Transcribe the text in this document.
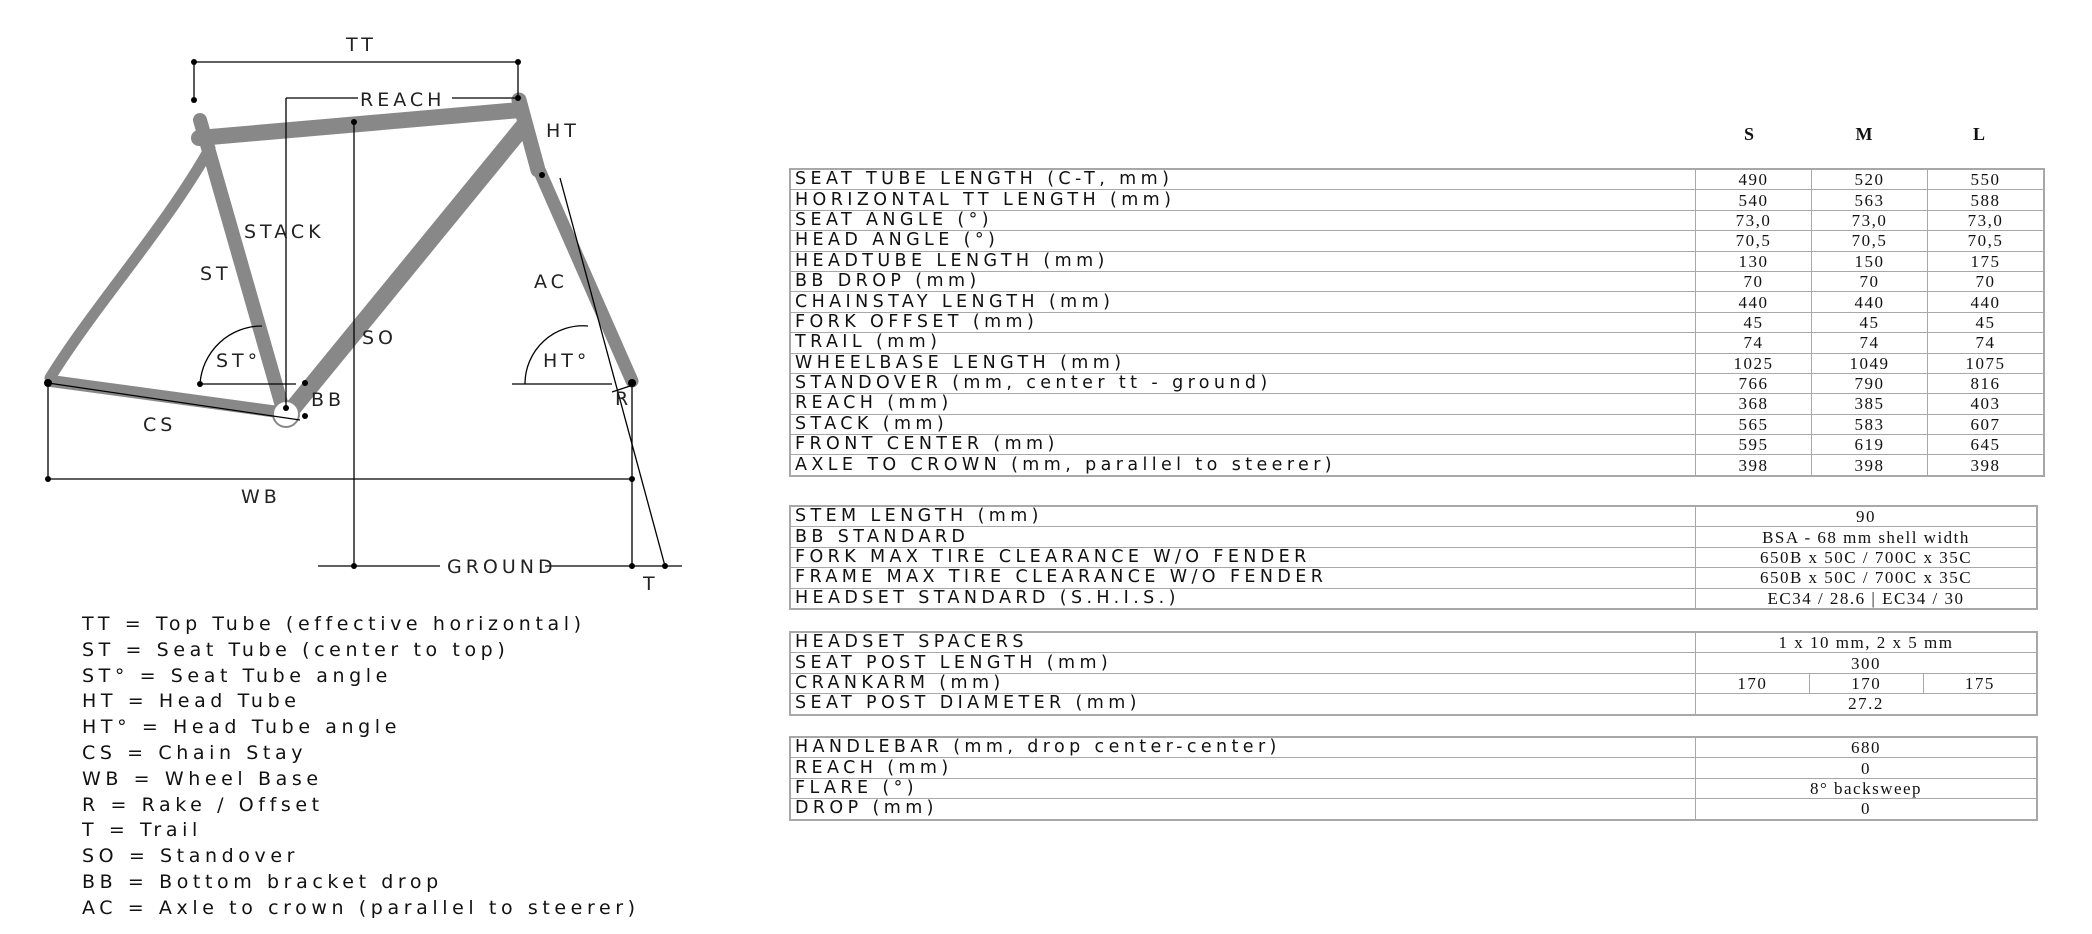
TT
REACH
HT
STACK
ST	AC
SO
ST°	HT°
R
BB
CS
WB
GROUND
T
TT = Top Tube (effective horizontal)
ST = Seat Tube (center to top)
ST° = Seat Tube angle
HT = Head Tube
HT° = Head Tube angle
CS = Chain Stay
WB = Wheel Base
R = Rake / Offset
T = Trail
SO = Standover
BB = Bottom bracket drop
AC = Axle to crown (parallel to steerer)
S	M	L
SEAT TUBE LENGTH (C-T, mm)	490	520	550
HORIZONTAL TT LENGTH (mm)	540	563	588
SEAT ANGLE (°)	73,0	73,0	73,0
HEAD ANGLE (°)	70,5	70,5	70,5
HEADTUBE LENGTH (mm)	130	150	175
BB DROP (mm)	70	70	70
CHAINSTAY LENGTH (mm)	440	440	440
FORK OFFSET (mm)	45	45	45
TRAIL (mm)	74	74	74
WHEELBASE LENGTH (mm)	1025	1049	1075
STANDOVER (mm, center tt - ground)	766	790	816
REACH (mm)	368	385	403
STACK (mm)	565	583	607
FRONT CENTER (mm)	595	619	645
AXLE TO CROWN (mm, parallel to steerer)	398	398	398
STEM LENGTH (mm)	90
BB STANDARD	BSA - 68 mm shell width
FORK MAX TIRE CLEARANCE W/O FENDER	650B x 50C / 700C x 35C
FRAME MAX TIRE CLEARANCE W/O FENDER	650B x 50C / 700C x 35C
HEADSET STANDARD (S.H.I.S.)	EC34 / 28.6 | EC34 / 30
HEADSET SPACERS	1 x 10 mm, 2 x 5 mm		
SEAT POST LENGTH (mm)	300		
CRANKARM (mm)	170	170	175
SEAT POST DIAMETER (mm)	27.2		
HANDLEBAR (mm, drop center-center)	680
REACH (mm)	0
FLARE (°)	8° backsweep
DROP (mm)	0
